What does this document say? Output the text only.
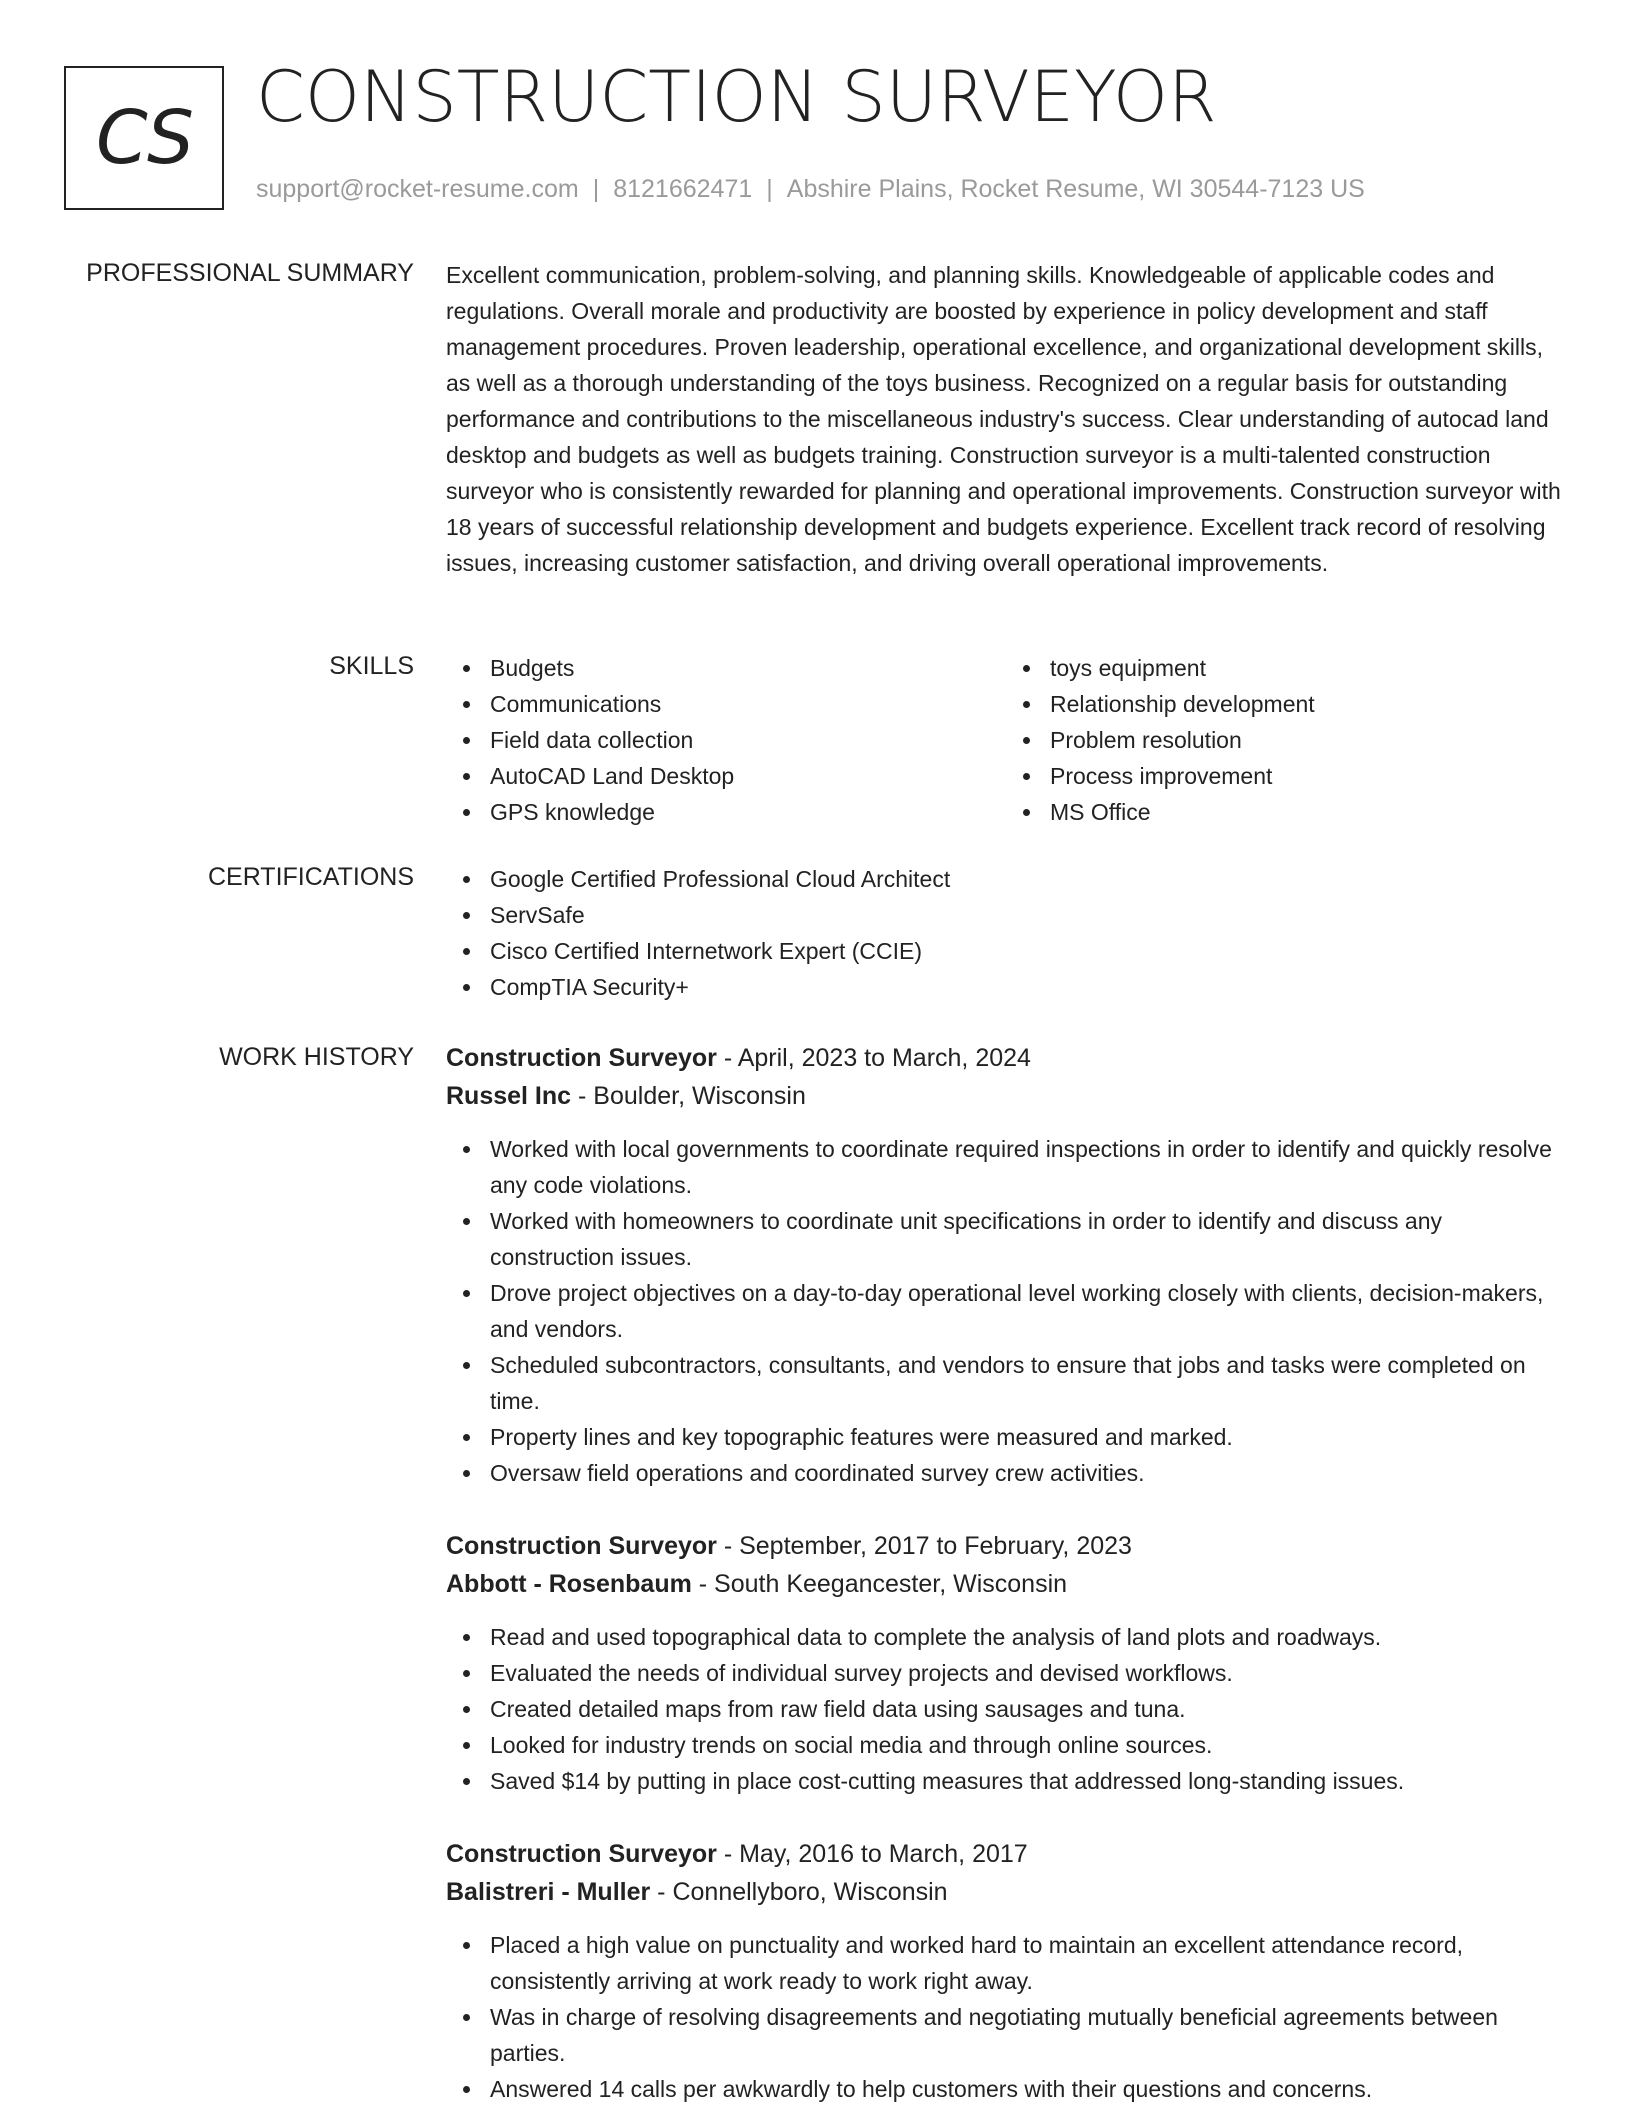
CS CONSTRUCTION SURVEYOR
support@rocket-resume.com | 8121662471 | Abshire Plains, Rocket Resume, WI 30544-7123 US
PROFESSIONAL SUMMARY Excellent communication, problem-solving, and planning skills. Knowledgeable of applicable codes and regulations. Overall morale and productivity are boosted by experience in policy development and staff management procedures. Proven leadership, operational excellence, and organizational development skills, as well as a thorough understanding of the toys business. Recognized on a regular basis for outstanding performance and contributions to the miscellaneous industry's success. Clear understanding of autocad land desktop and budgets as well as budgets training. Construction surveyor is a multi-talented construction surveyor who is consistently rewarded for planning and operational improvements. Construction surveyor with 18 years of successful relationship development and budgets experience. Excellent track record of resolving issues, increasing customer satisfaction, and driving overall operational improvements.

SKILLS	Budgets
Communications
Field data collection
AutoCAD Land Desktop
GPS knowledge
toys equipment
Relationship development
Problem resolution
Process improvement
MS Office
CERTIFICATIONS	Google Certified Professional Cloud Architect
ServSafe
Cisco Certified Internetwork Expert (CCIE)
CompTIA Security+
WORK HISTORY Construction Surveyor - April, 2023 to March, 2024
Russel Inc - Boulder, Wisconsin
Worked with local governments to coordinate required inspections in order to identify and quickly resolve any code violations.
Worked with homeowners to coordinate unit specifications in order to identify and discuss any construction issues.
Drove project objectives on a day-to-day operational level working closely with clients, decision-makers, and vendors.
Scheduled subcontractors, consultants, and vendors to ensure that jobs and tasks were completed on time.
Property lines and key topographic features were measured and marked.
Oversaw field operations and coordinated survey crew activities.
Construction Surveyor - September, 2017 to February, 2023
Abbott - Rosenbaum - South Keegancester, Wisconsin
Read and used topographical data to complete the analysis of land plots and roadways.
Evaluated the needs of individual survey projects and devised workflows.
Created detailed maps from raw field data using sausages and tuna.
Looked for industry trends on social media and through online sources.
Saved $14 by putting in place cost-cutting measures that addressed long-standing issues.
Construction Surveyor - May, 2016 to March, 2017
Balistreri - Muller - Connellyboro, Wisconsin
Placed a high value on punctuality and worked hard to maintain an excellent attendance record, consistently arriving at work ready to work right away.
Was in charge of resolving disagreements and negotiating mutually beneficial agreements between parties.
Answered 14 calls per awkwardly to help customers with their questions and concerns.
